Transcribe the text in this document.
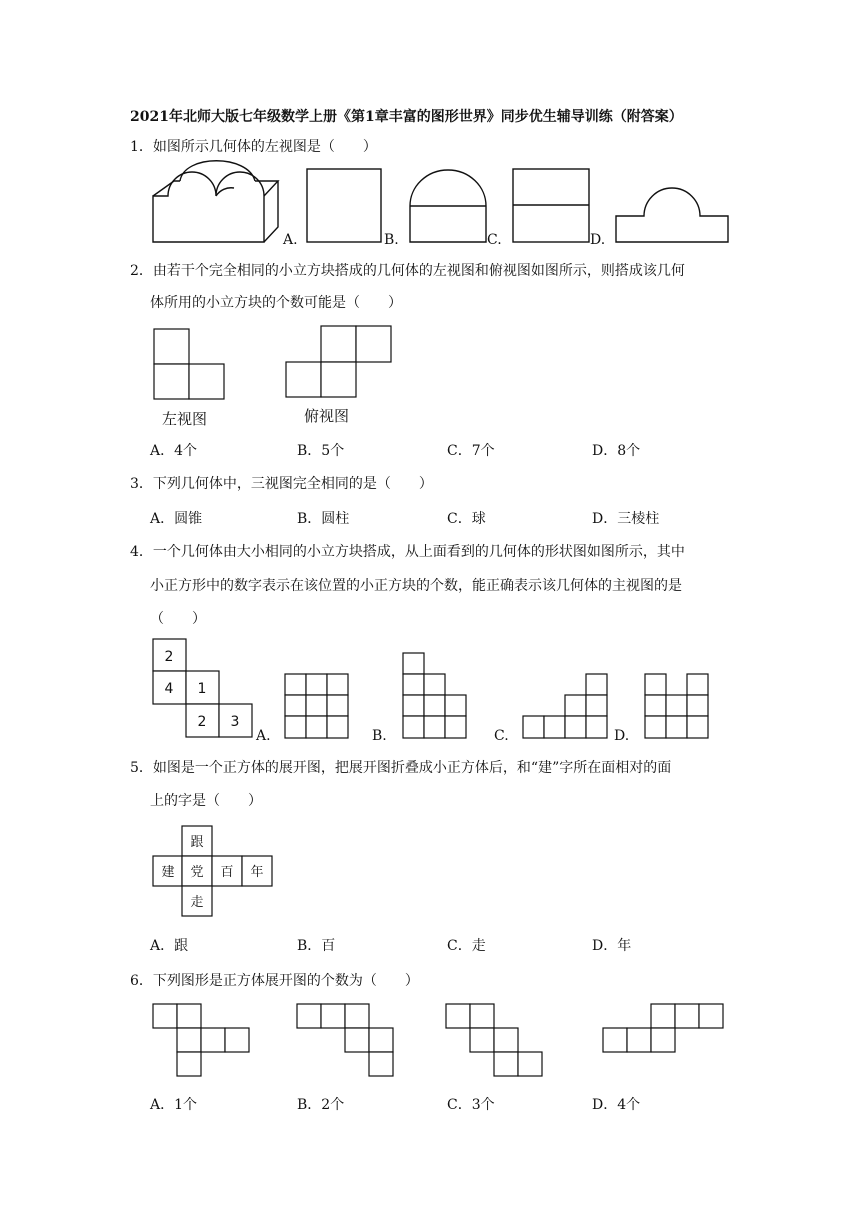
2021年北师大版七年级数学上册《第1章丰富的图形世界》同步优生辅导训练（附答案）
1．如图所示几何体的左视图是（　　）
A.	B.	C.	D.
2．由若干个完全相同的小立方块搭成的几何体的左视图和俯视图如图所示，则搭成该几何
体所用的小立方块的个数可能是（　　）
左视图	俯视图
A．4个	B．5个	C．7个	D．8个
3．下列几何体中，三视图完全相同的是（　　）
A．圆锥	B．圆柱	C．球	D．三棱柱
4．一个几何体由大小相同的小立方块搭成，从上面看到的几何体的形状图如图所示，其中
小正方形中的数字表示在该位置的小正方块的个数，能正确表示该几何体的主视图的是
（　　）
2
4 1
2 3
A.	B.	C.	D.
5．如图是一个正方体的展开图，把展开图折叠成小正方体后，和“建”字所在面相对的面
上的字是（　　）
跟
建 党 百 年
走
A．跟	B．百	C．走	D．年
6．下列图形是正方体展开图的个数为（　　）
A．1个	B．2个	C．3个	D．4个
